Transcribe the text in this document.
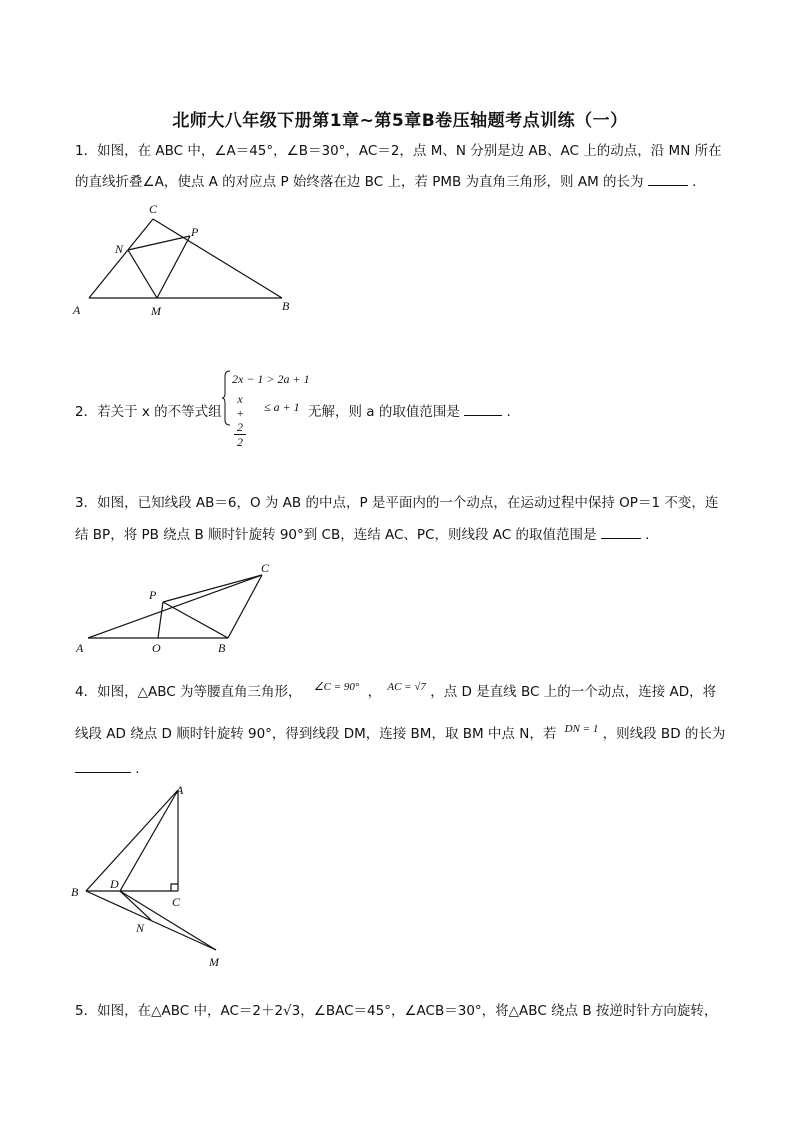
北师大八年级下册第1章~第5章B卷压轴题考点训练（一）
1．如图，在 ABC 中，∠A＝45°，∠B＝30°，AC＝2，点 M、N 分别是边 AB、AC 上的动点，沿 MN 所在
的直线折叠∠A，使点 A 的对应点 P 始终落在边 BC 上，若 PMB 为直角三角形，则 AM 的长为	.
A	B
C
M
N
P
2．若关于 x 的不等式组
2x − 1 > 2a + 1
$\frac{x + 2}{2} \le a + 1$ 无解，则 a 的取值范围是	.
3．如图，已知线段 AB＝6，O 为 AB 的中点，P 是平面内的一个动点，在运动过程中保持 OP＝1 不变，连
结 BP，将 PB 绕点 B 顺时针旋转 90°到 CB，连结 AC、PC，则线段 AC 的取值范围是	.
A	O	B
P
C
4．如图，△ABC 为等腰直角三角形， $^{\angle C = 90^\circ}$ ， $^{AC = √7}$ ，点 D 是直线 BC 上的一个动点，连接 AD，将
线段 AD 绕点 D 顺时针旋转 90°，得到线段 DM，连接 BM，取 BM 中点 N，若 $^{DN = 1}$ ，则线段 BD 的长为
.
A
B
C
D
N
M
5．如图，在△ABC 中，AC＝2＋2√3，∠BAC＝45°，∠ACB＝30°，将△ABC 绕点 B 按逆时针方向旋转，
